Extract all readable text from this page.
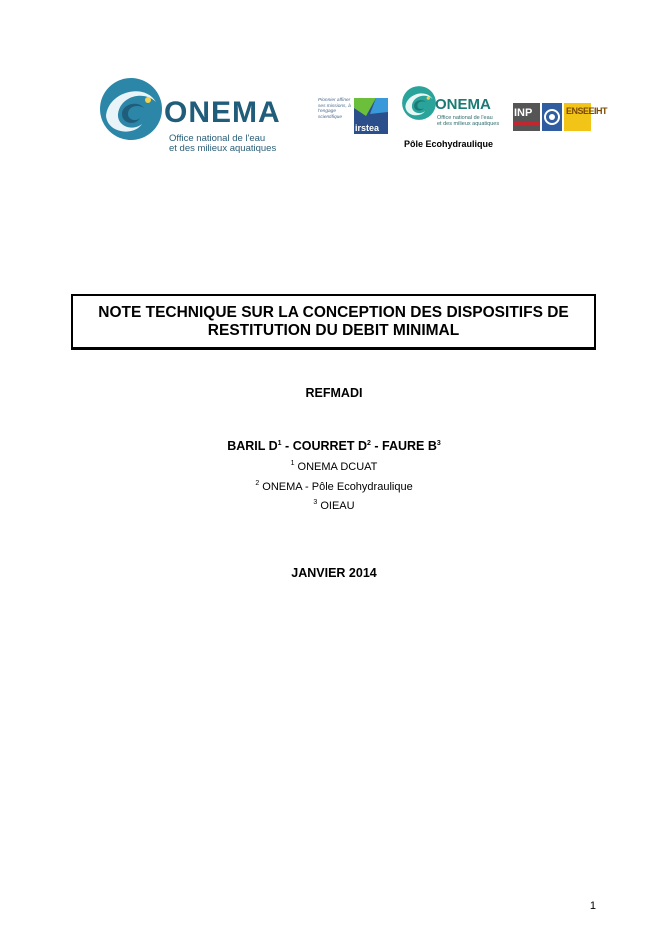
ONEMA
Office national de l'eau
et des milieux aquatiques
Pionnier affiner ses missions, à l'engage scientifique
irstea
ONEMA
Office national de l'eau
et des milieux aquatiques
Pôle Ecohydraulique
INP	ENSEEIHT
NOTE TECHNIQUE SUR LA CONCEPTION DES DISPOSITIFS DE
RESTITUTION DU DEBIT MINIMAL
REFMADI
BARIL $D^1$ - COURRET $D^2$ - FAURE $B^3$
$^1$ ONEMA DCUAT
$^2$ ONEMA - Pôle Ecohydraulique
$^3$ OIEAU
JANVIER 2014
1
